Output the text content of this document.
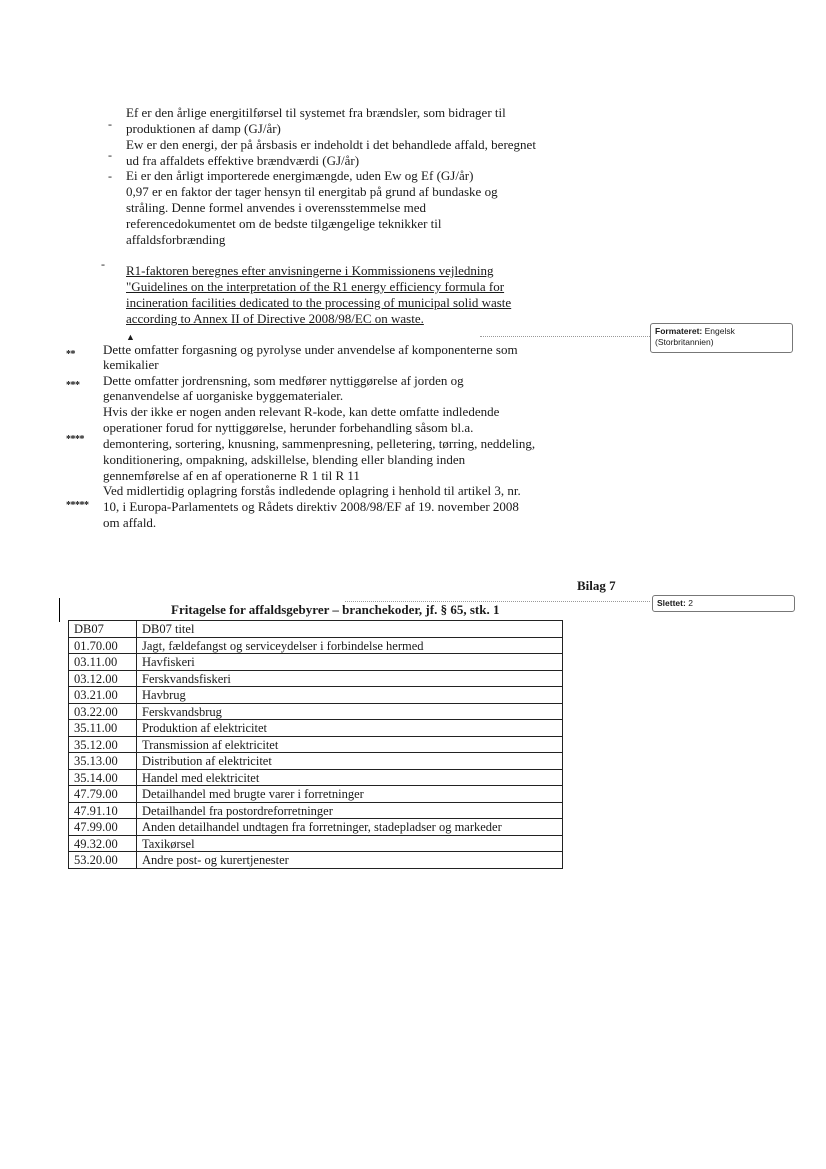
-
Ef er den årlige energitilførsel til systemet fra brændsler, som bidrager til
produktionen af damp (GJ/år)
-
Ew er den energi, der på årsbasis er indeholdt i det behandlede affald, beregnet
ud fra affaldets effektive brændværdi (GJ/år)
- Ei er den årligt importerede energimængde, uden Ew og Ef (GJ/år)
0,97 er en faktor der tager hensyn til energitab på grund af bundaske og
stråling. Denne formel anvendes i overensstemmelse med
referencedokumentet om de bedste tilgængelige teknikker til
affaldsforbrænding
- R1-faktoren beregnes efter anvisningerne i Kommissionens vejledning
"Guidelines on the interpretation of the R1 energy efficiency formula for
incineration facilities dedicated to the processing of municipal solid waste
according to Annex II of Directive 2008/98/EC on waste.
▲
** Dette omfatter forgasning og pyrolyse under anvendelse af komponenterne som
kemikalier
*** Dette omfatter jordrensning, som medfører nyttiggørelse af jorden og
genanvendelse af uorganiske byggematerialer.
****
Hvis der ikke er nogen anden relevant R-kode, kan dette omfatte indledende
operationer forud for nyttiggørelse, herunder forbehandling såsom bl.a.
demontering, sortering, knusning, sammenpresning, pelletering, tørring, neddeling,
konditionering, ompakning, adskillelse, blending eller blanding inden
gennemførelse af en af operationerne R 1 til R 11
*****
Ved midlertidig oplagring forstås indledende oplagring i henhold til artikel 3, nr.
10, i Europa-Parlamentets og Rådets direktiv 2008/98/EF af 19. november 2008
om affald.
Bilag 7
Fritagelse for affaldsgebyrer – branchekoder, jf. § 65, stk. 1
DB07	DB07 titel
01.70.00	Jagt, fældefangst og serviceydelser i forbindelse hermed
03.11.00	Havfiskeri
03.12.00	Ferskvandsfiskeri
03.21.00	Havbrug
03.22.00	Ferskvandsbrug
35.11.00	Produktion af elektricitet
35.12.00	Transmission af elektricitet
35.13.00	Distribution af elektricitet
35.14.00	Handel med elektricitet
47.79.00	Detailhandel med brugte varer i forretninger
47.91.10	Detailhandel fra postordreforretninger
47.99.00	Anden detailhandel undtagen fra forretninger, stadepladser og markeder
49.32.00	Taxikørsel
53.20.00	Andre post- og kurertjenester
Formateret: Engelsk
(Storbritannien)
Slettet: 2
